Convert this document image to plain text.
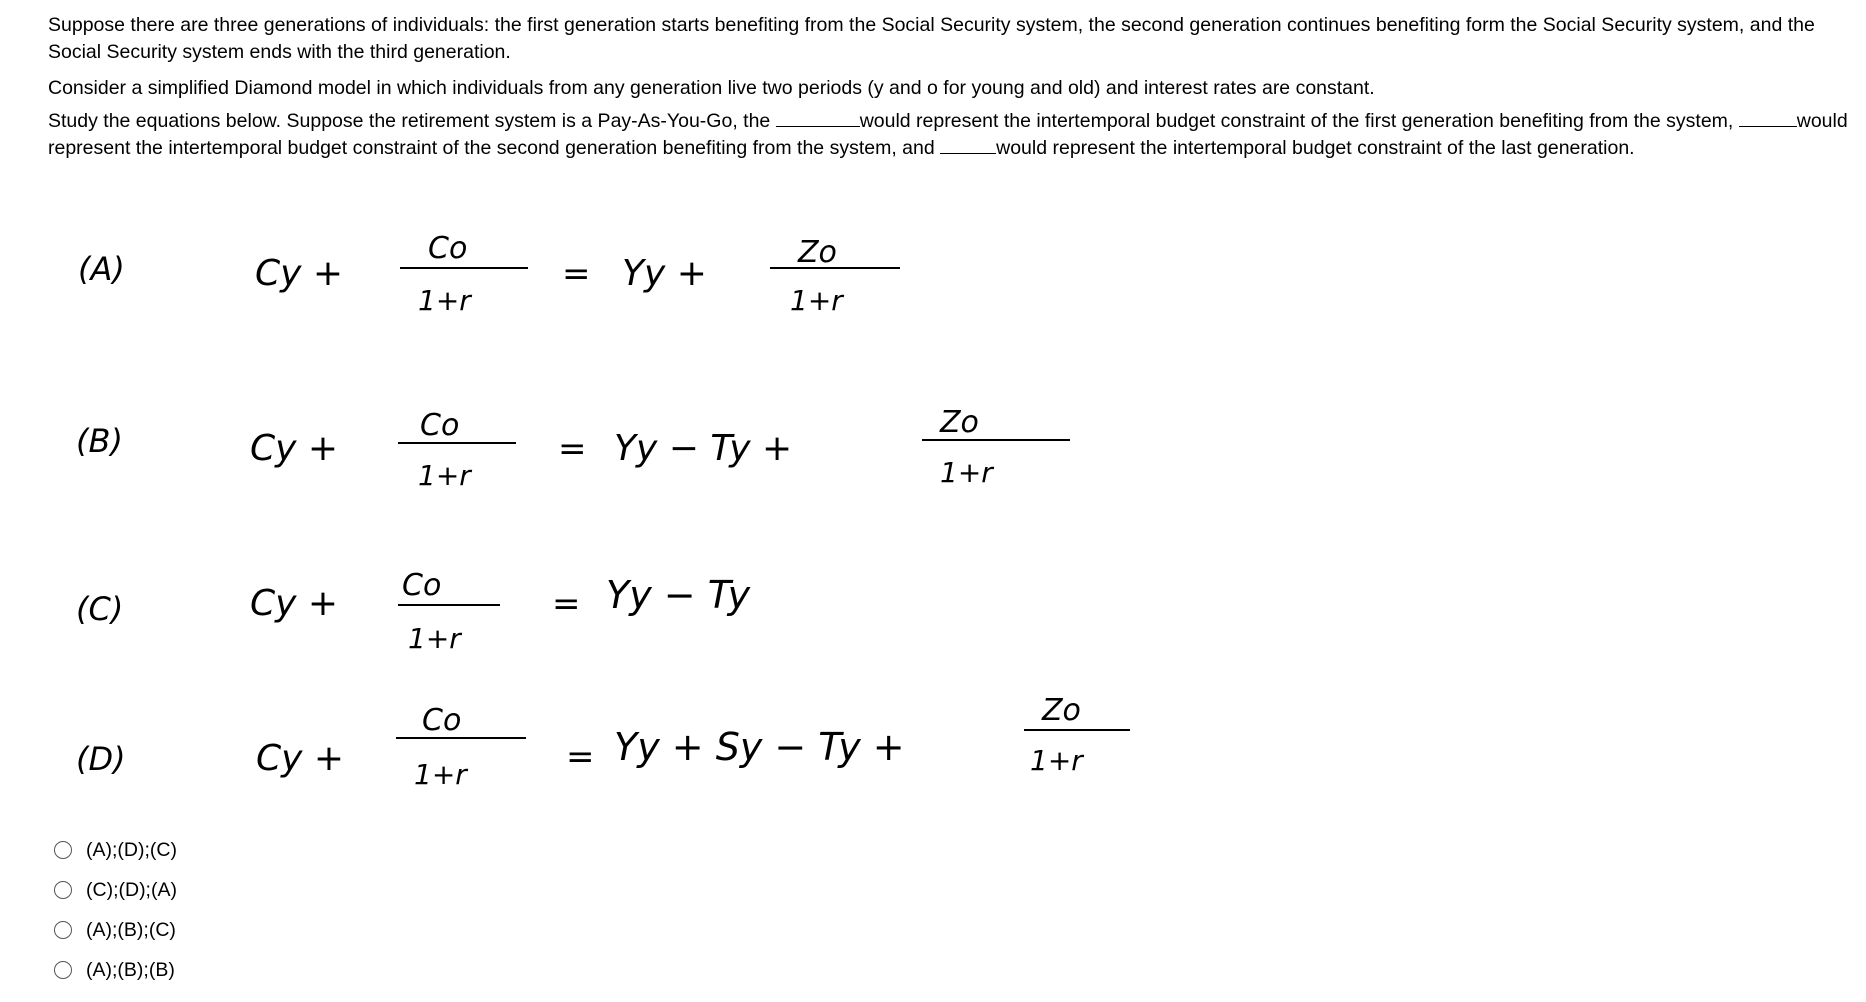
Suppose there are three generations of individuals: the first generation starts benefiting from the Social Security system, the second generation continues benefiting form the Social Security system, and the Social Security system ends with the third generation.
Consider a simplified Diamond model in which individuals from any generation live two periods (y and o for young and old) and interest rates are constant.
Study the equations below. Suppose the retirement system is a Pay-As-You-Go, the	would represent the intertemporal budget constraint of the first generation benefiting from the system,	would represent the intertemporal budget constraint of the second generation benefiting from the system, and	would represent the intertemporal budget constraint of the last generation.
(A)	Cy +
Co
1+r
= Yy +
Zo
1+r
(B)	Cy +
Co
1+r
= Yy − Ty +
Zo
1+r
(C)	Cy + Co
1+r
= Yy − Ty
(D)	Cy +
Co
1+r	= Yy + Sy − Ty +
Zo
1+r
(A);(D);(C)
(C);(D);(A)
(A);(B);(C)
(A);(B);(B)
